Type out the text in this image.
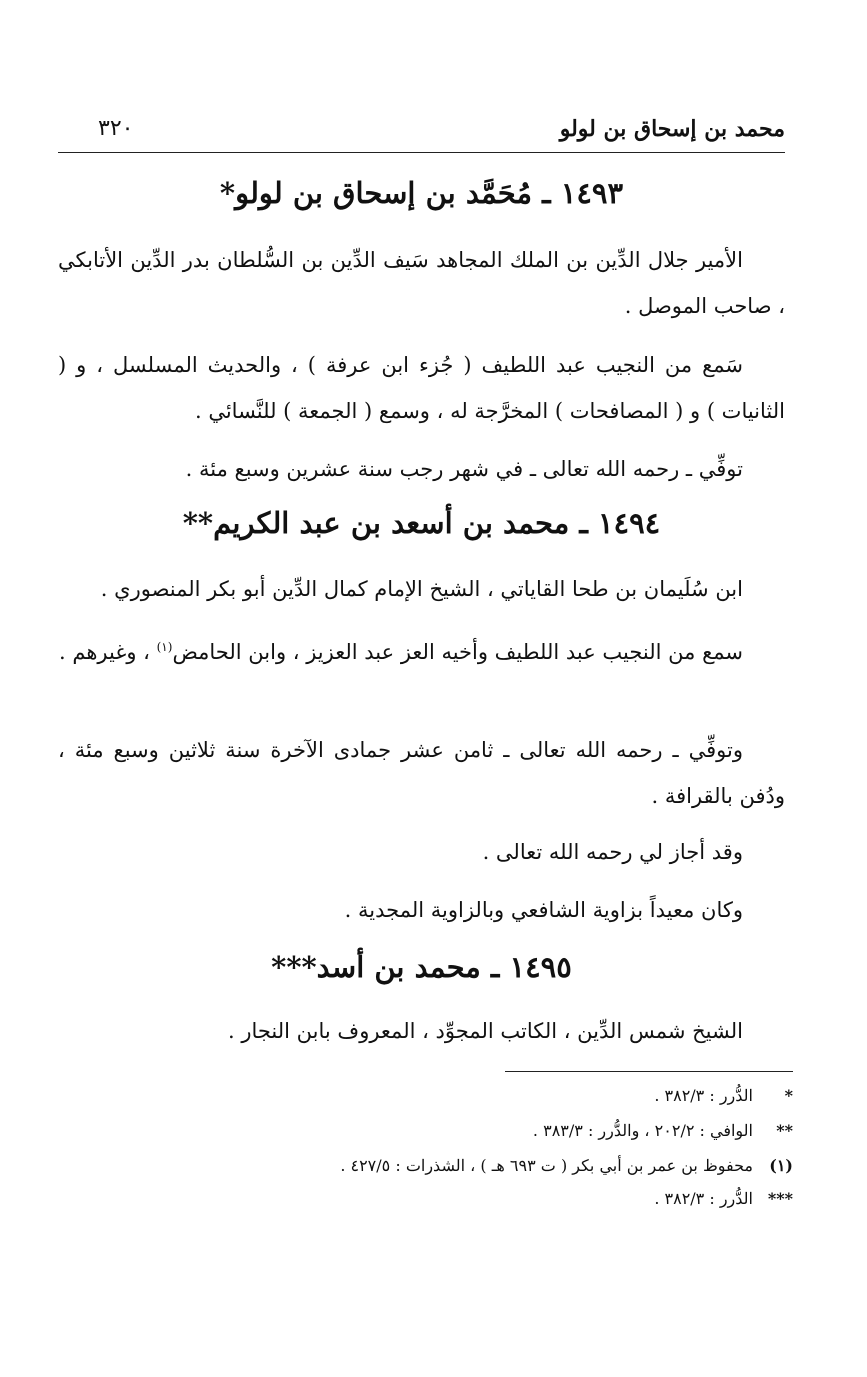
محمد بن إسحاق بن لولو
٣٢٠
١٤٩٣ ـ مُحَمَّد بن إسحاق بن لولو*
الأمير جلال الدِّين بن الملك المجاهد سَيف الدِّين بن السُّلطان بدر الدِّين الأتابكي ، صاحب الموصل .
سَمع من النجيب عبد اللطيف ( جُزء ابن عرفة ) ، والحديث المسلسل ، و ( الثانيات ) و ( المصافحات ) المخرَّجة له ، وسمع ( الجمعة ) للنَّسائي .
توفِّي ـ رحمه الله تعالى ـ في شهر رجب سنة عشرين وسبع مئة .
١٤٩٤ ـ محمد بن أسعد بن عبد الكريم**
ابن سُلَيمان بن طحا القاياتي ، الشيخ الإمام كمال الدِّين أبو بكر المنصوري .
سمع من النجيب عبد اللطيف وأخيه العز عبد العزيز ، وابن الحامض$^{(١)}$ ، وغيرهم .
وتوفِّي ـ رحمه الله تعالى ـ ثامن عشر جمادى الآخرة سنة ثلاثين وسبع مئة ، ودُفن بالقرافة .
وقد أجاز لي رحمه الله تعالى .
وكان معيداً بزاوية الشافعي وبالزاوية المجدية .
١٤٩٥ ـ محمد بن أسد***
الشيخ شمس الدِّين ، الكاتب المجوِّد ، المعروف بابن النجار .
*الدُّرر : ٣٨٢/٣ .
**الوافي : ٢٠٢/٢ ، والدُّرر : ٣٨٣/٣ .
(١)محفوظ بن عمر بن أبي بكر ( ت ٦٩٣ هـ ) ، الشذرات : ٤٢٧/٥ .
***الدُّرر : ٣٨٢/٣ .
